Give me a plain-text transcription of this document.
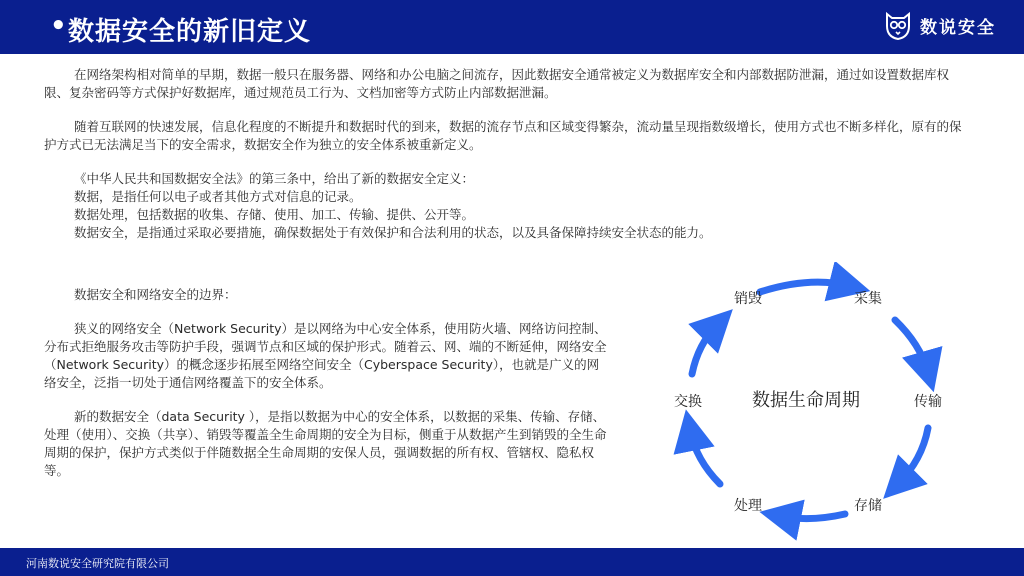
• 数据安全的新旧定义	数说安全

在网络架构相对简单的早期，数据一般只在服务器、网络和办公电脑之间流存，因此数据安全通常被定义为数据库安全和内部数据防泄漏，通过如设置数据库权限、复杂密码等方式保护好数据库，通过规范员工行为、文档加密等方式防止内部数据泄漏。

随着互联网的快速发展，信息化程度的不断提升和数据时代的到来，数据的流存节点和区域变得繁杂，流动量呈现指数级增长，使用方式也不断多样化，原有的保护方式已无法满足当下的安全需求，数据安全作为独立的安全体系被重新定义。

《中华人民共和国数据安全法》的第三条中，给出了新的数据安全定义：

数据，是指任何以电子或者其他方式对信息的记录。

数据处理，包括数据的收集、存储、使用、加工、传输、提供、公开等。

数据安全，是指通过采取必要措施，确保数据处于有效保护和合法利用的状态，以及具备保障持续安全状态的能力。

数据安全和网络安全的边界：

狭义的网络安全（Network Security）是以网络为中心安全体系，使用防火墙、网络访问控制、分布式拒绝服务攻击等防护手段，强调节点和区域的保护形式。随着云、网、端的不断延伸，网络安全（Network Security）的概念逐步拓展至网络空间安全（Cyberspace Security），也就是广义的网络安全，泛指一切处于通信网络覆盖下的安全体系。

新的数据安全（data Security ），是指以数据为中心的安全体系，以数据的采集、传输、存储、处理（使用）、交换（共享）、销毁等覆盖全生命周期的安全为目标，侧重于从数据产生到销毁的全生命周期的保护，保护方式类似于伴随数据全生命周期的安保人员，强调数据的所有权、管辖权、隐私权等。

数据生命周期
采集
传输
存储
处理
交换
销毁
河南数说安全研究院有限公司
